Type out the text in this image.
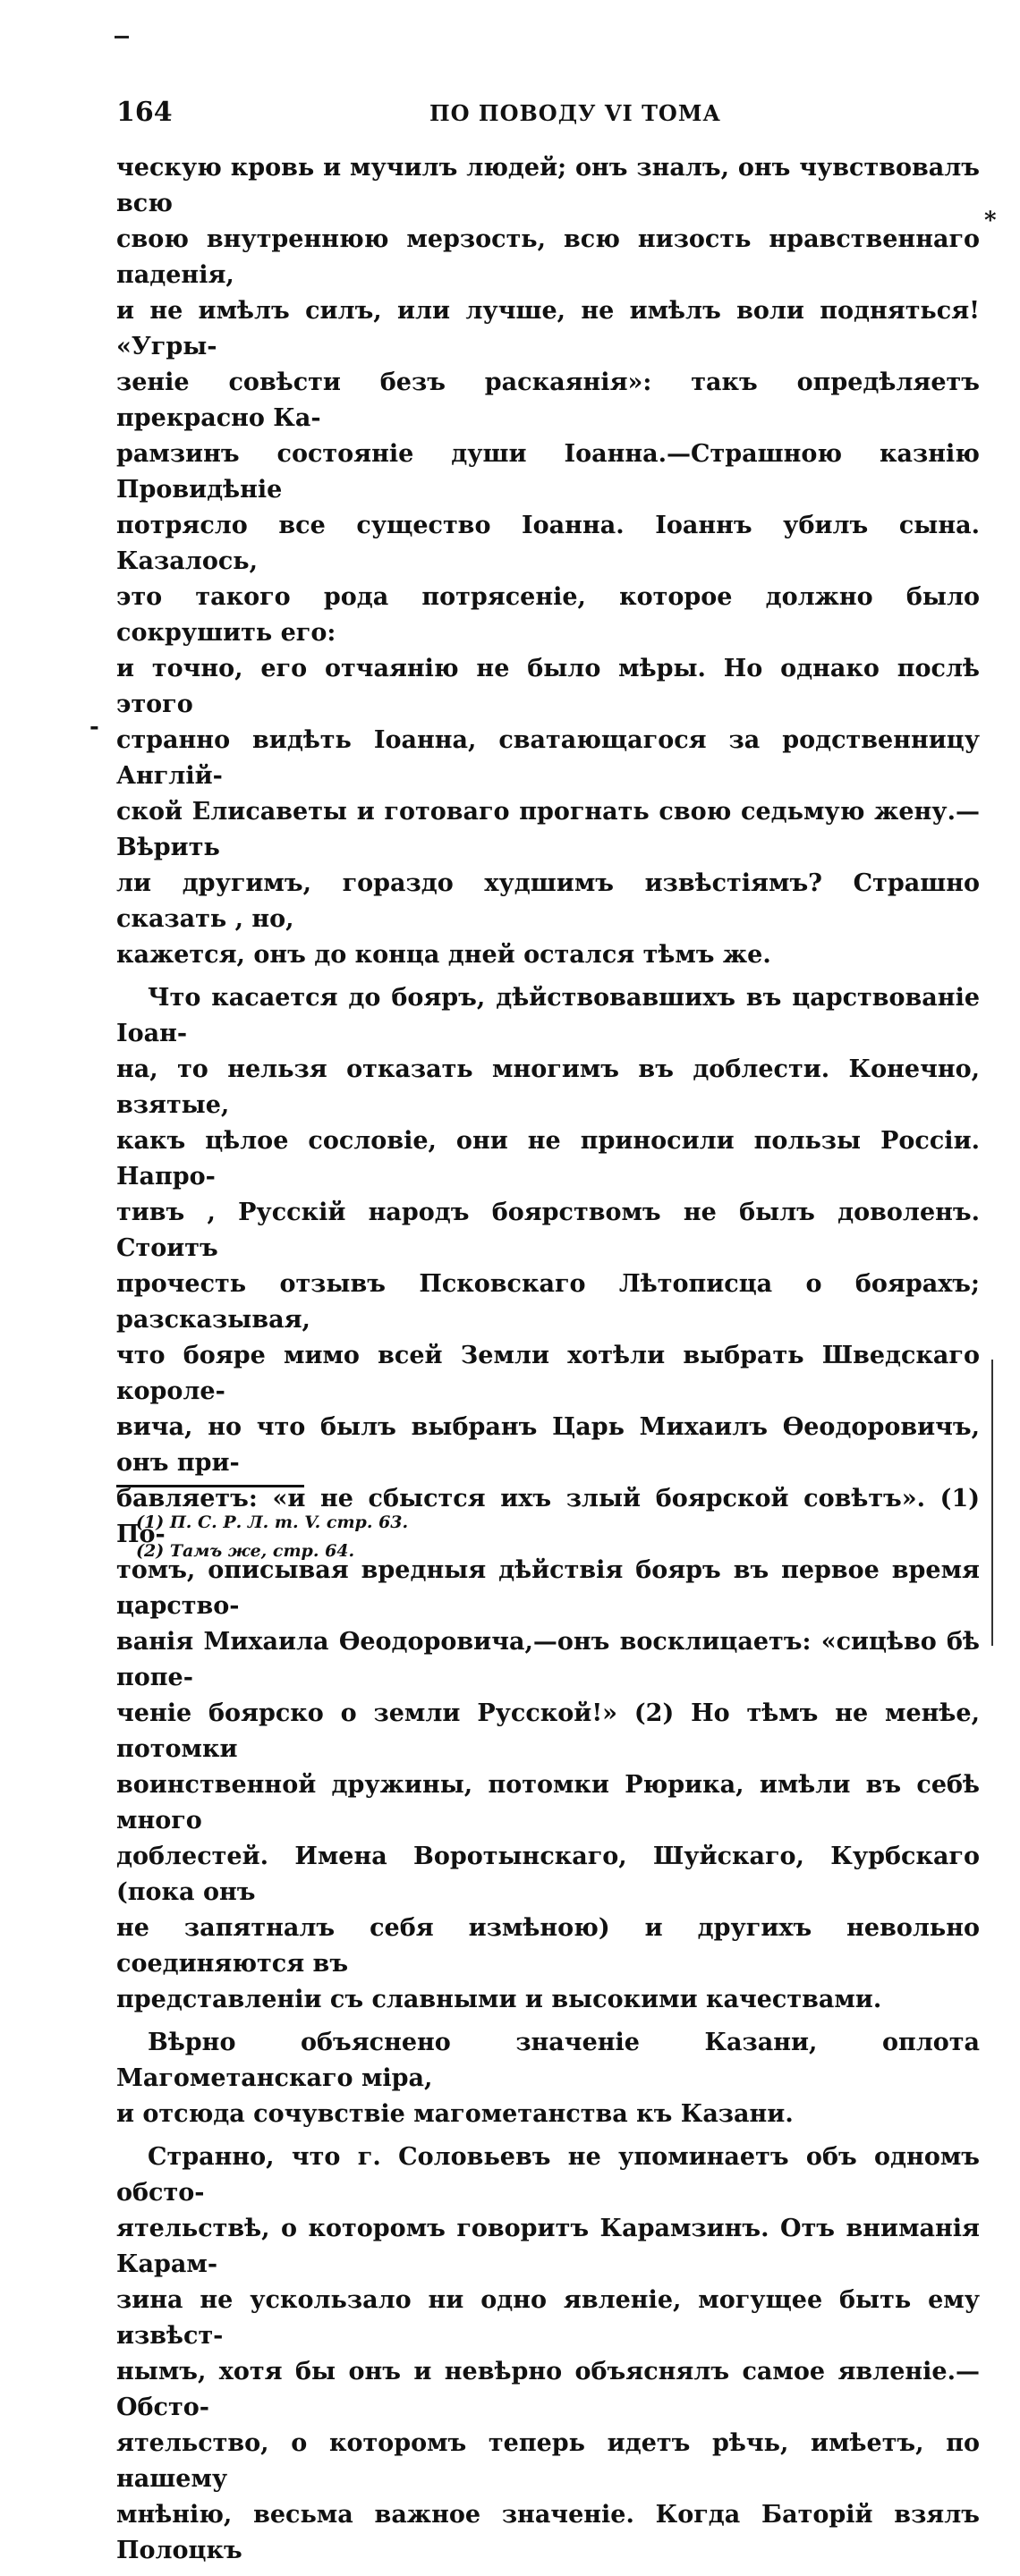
164	ПО ПОВОДУ VI ТОМА

ческую кровь и мучилъ людей; онъ зналъ, онъ чувствовалъ всю
свою внутреннюю мерзость, всю низость нравственнаго паденія,
и не имѣлъ силъ, или лучше, не имѣлъ воли подняться! «Угры-
зеніе совѣсти безъ раскаянія»: такъ опредѣляетъ прекрасно Ка-
рамзинъ состояніе души Іоанна.—Страшною казнію Провидѣніе
потрясло все существо Іоанна. Іоаннъ убилъ сына. Казалось,
это такого рода потрясеніе, которое должно было сокрушить его:
и точно, его отчаянію не было мѣры. Но однако послѣ этого
странно видѣть Іоанна, сватающагося за родственницу Англій-
ской Елисаветы и готоваго прогнать свою седьмую жену.— Вѣрить
ли другимъ, гораздо худшимъ извѣстіямъ? Страшно сказать , но,
кажется, онъ до конца дней остался тѣмъ же.

Что касается до бояръ, дѣйствовавшихъ въ царствованіе Іоан-
на, то нельзя отказать многимъ въ доблести. Конечно, взятые,
какъ цѣлое сословіе, они не приносили пользы Россіи. Напро-
тивъ , Русскій народъ боярствомъ не былъ доволенъ. Стоитъ
прочесть отзывъ Псковскаго Лѣтописца о боярахъ; разсказывая,
что бояре мимо всей Земли хотѣли выбрать Шведскаго короле-
вича, но что былъ выбранъ Царь Михаилъ Ѳеодоровичъ, онъ при-
бавляетъ: «и не сбыстся ихъ злый боярской совѣтъ». (1) По-
томъ, описывая вредныя дѣйствія бояръ въ первое время царство-
ванія Михаила Ѳеодоровича,—онъ восклицаетъ: «сицѣво бѣ попе-
ченіе боярско о земли Русской!» (2) Но тѣмъ не менѣе, потомки
воинственной дружины, потомки Рюрика, имѣли въ себѣ много
доблестей. Имена Воротынскаго, Шуйскаго, Курбскаго (пока онъ
не запятналъ себя измѣною) и другихъ невольно соединяются въ
представленіи съ славными и высокими качествами.

Вѣрно объяснено значеніе Казани, оплота Магометанскаго міра,
и отсюда сочувствіе магометанства къ Казани.

Странно, что г. Соловьевъ не упоминаетъ объ одномъ обсто-
ятельствѣ, о которомъ говоритъ Карамзинъ. Отъ вниманія Карам-
зина не ускользало ни одно явленіе, могущее быть ему извѣст-
нымъ, хотя бы онъ и невѣрно объяснялъ самое явленіе.—Обсто-
ятельство, о которомъ теперь идетъ рѣчь, имѣетъ, по нашему
мнѣнію, весьма важное значеніе. Когда Баторій взялъ Полоцкъ

*
-
(1) П. С. Р. Л. т. V. стр. 63.
(2) Тамъ же, стр. 64.
